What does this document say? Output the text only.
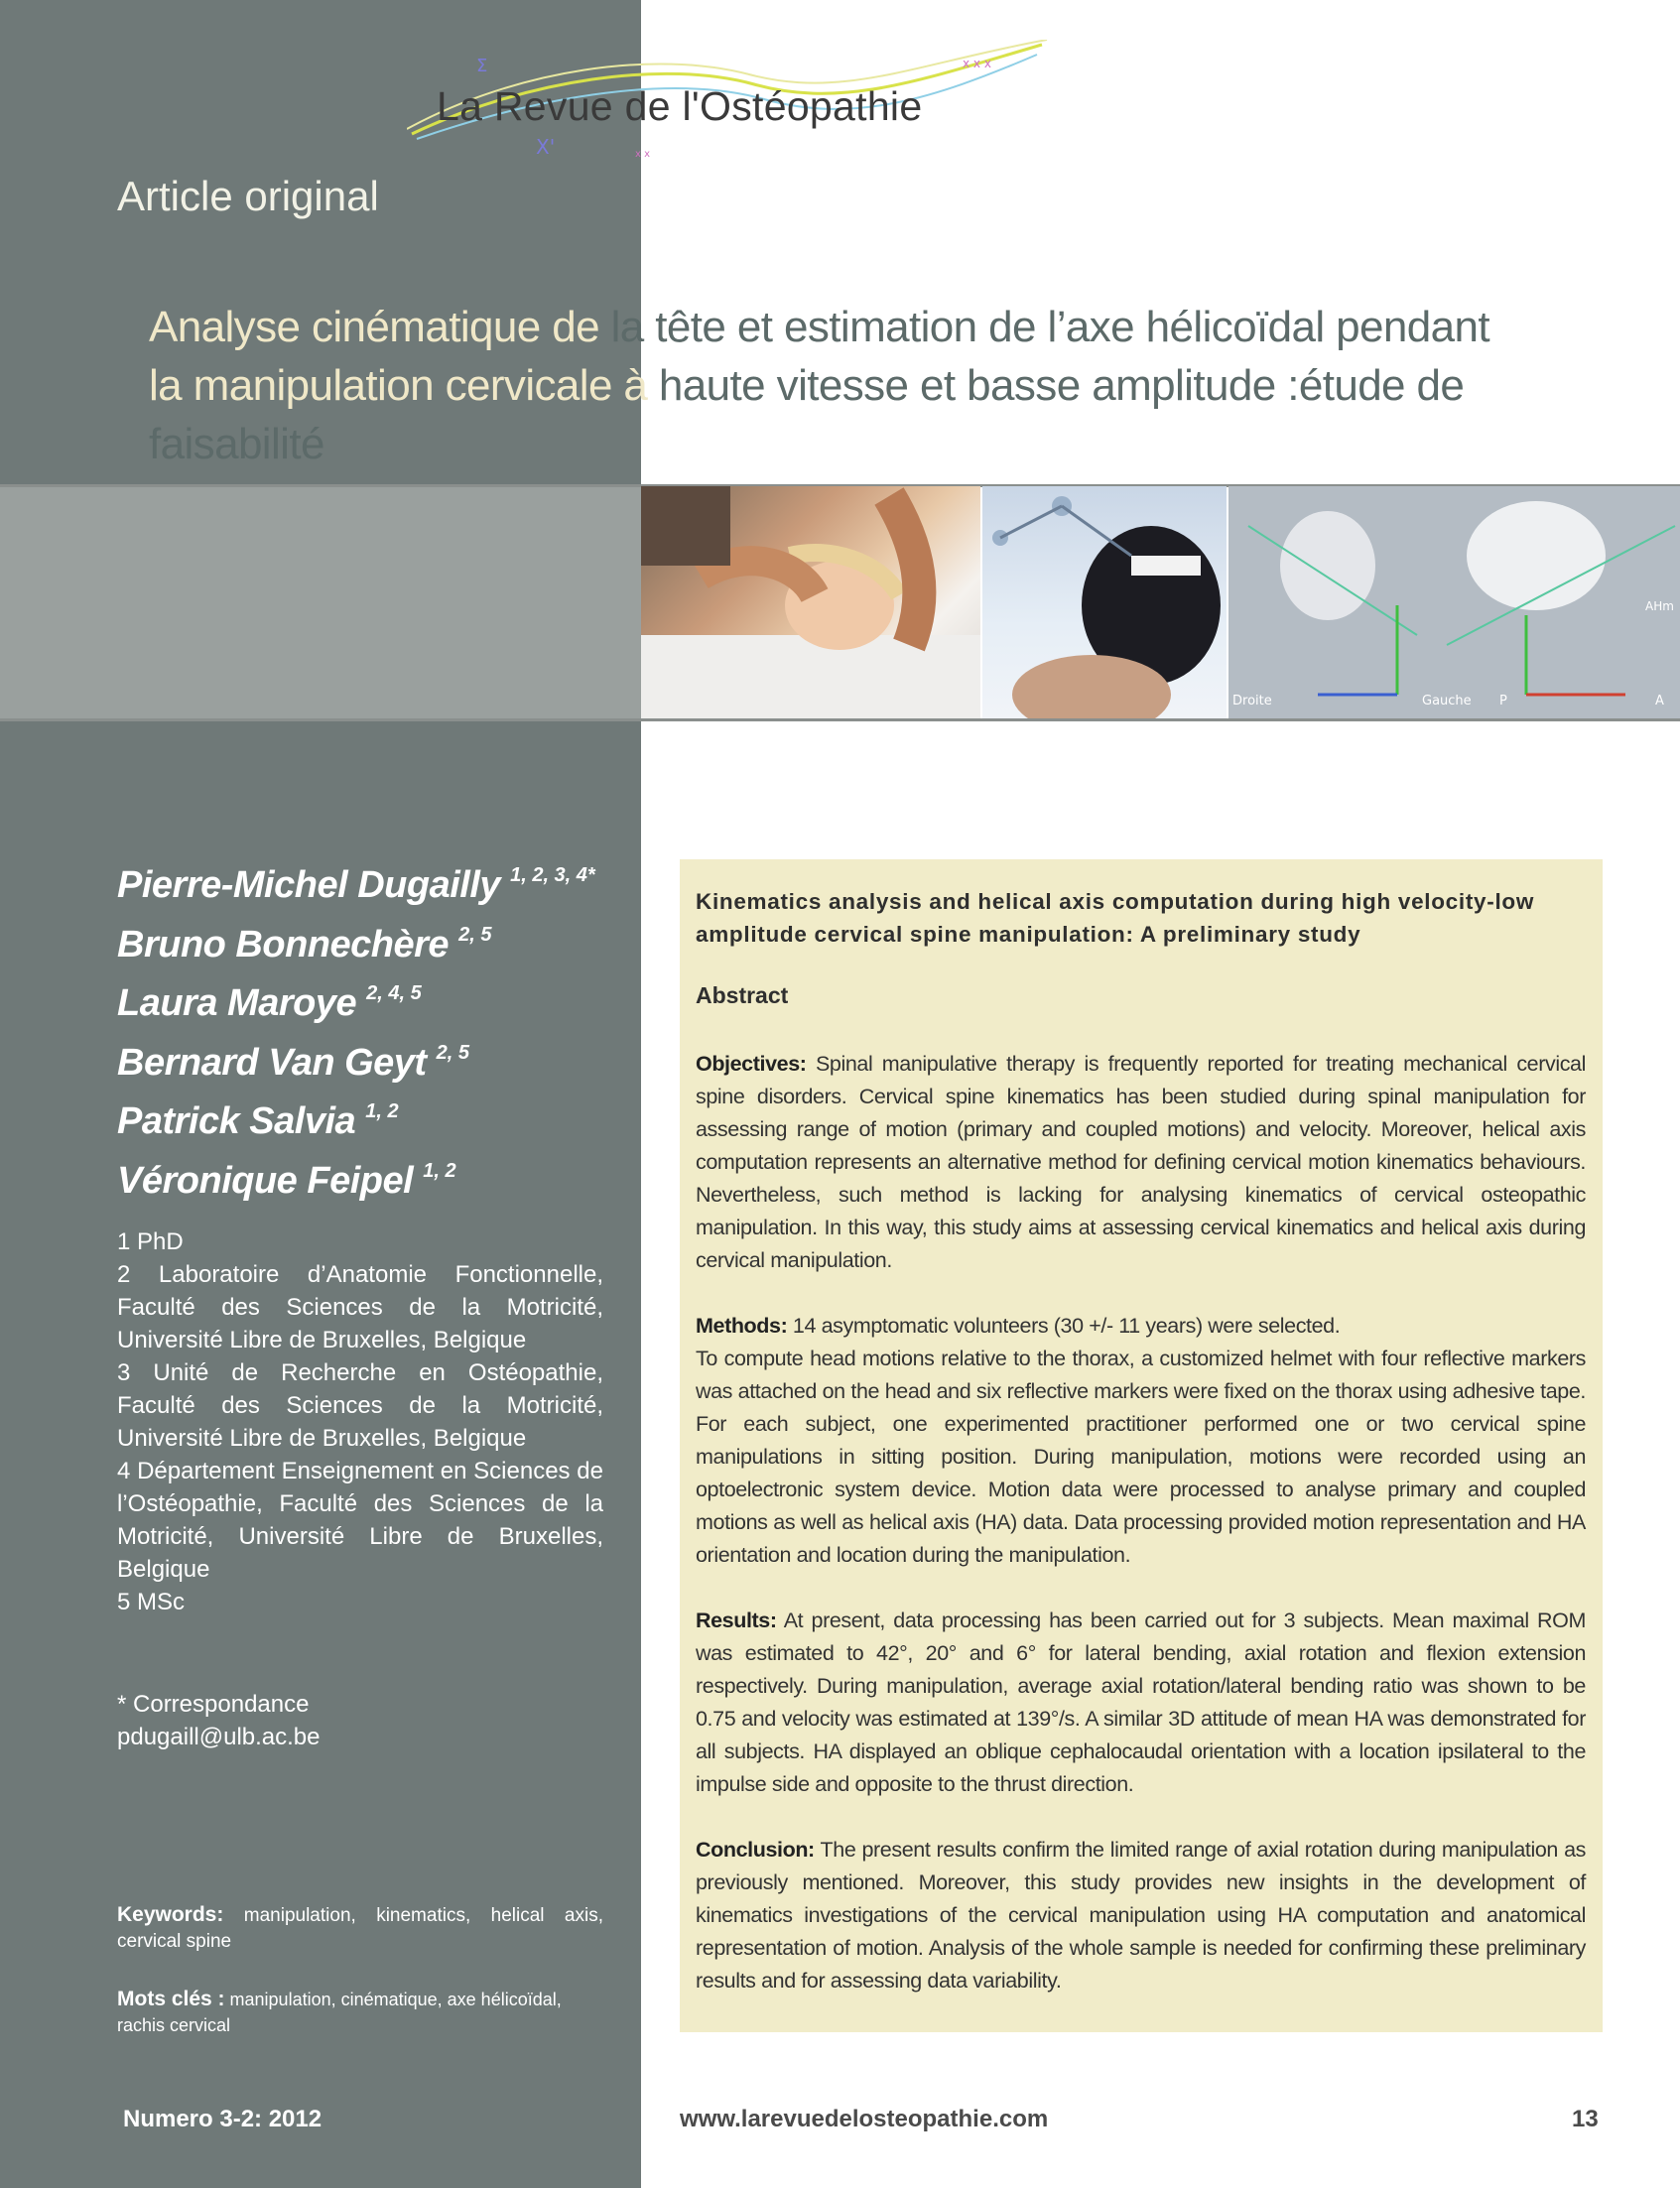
Σ
X'
x x x
x x
La Revue de l'Ostéopathie
Article original
Analyse cinématique de la tête et estimation de l’axe hélicoïdal pendant
la manipulation cervicale à haute vitesse et basse amplitude :étude de faisabilité
Droite	Gauche P	A
AHm
Pierre-Michel Dugailly $^{1, 2, 3, 4*}$
Bruno Bonnechère $^{2, 5}$
Laura Maroye $^{2, 4, 5}$
Bernard Van Geyt $^{2, 5}$
Patrick Salvia $^{1, 2}$
Véronique Feipel $^{1, 2}$
1 PhD
2 Laboratoire d’Anatomie Fonctionnelle, Faculté des Sciences de la Motricité, Université Libre de Bruxelles, Belgique
3 Unité de Recherche en Ostéopathie, Faculté des Sciences de la Motricité, Université Libre de Bruxelles, Belgique
4 Département Enseignement en Sciences de l’Ostéopathie, Faculté des Sciences de la Motricité, Université Libre de Bruxelles, Belgique
5 MSc
* Correspondance
pdugaill@ulb.ac.be
Keywords: manipulation, kinematics, helical axis, cervical spine
Mots clés : manipulation, cinématique, axe hélicoïdal, rachis cervical
Kinematics analysis and helical axis computation during high velocity-low amplitude cervical spine manipulation: A preliminary study
Abstract

Objectives: Spinal manipulative therapy is frequently reported for treating mechanical cervical spine disorders. Cervical spine kinematics has been studied during spinal manipulation for assessing range of motion (primary and coupled motions) and velocity. Moreover, helical axis computation represents an alternative method for defining cervical motion kinematics behaviours. Nevertheless, such method is lacking for analysing kinematics of cervical osteopathic manipulation. In this way, this study aims at assessing cervical kinematics and helical axis during cervical manipulation.

Methods: 14 asymptomatic volunteers (30 +/- 11 years) were selected.

To compute head motions relative to the thorax, a customized helmet with four reflective markers was attached on the head and six reflective markers were fixed on the thorax using adhesive tape. For each subject, one experimented practitioner performed one or two cervical spine manipulations in sitting position. During manipulation, motions were recorded using an optoelectronic system device. Motion data were processed to analyse primary and coupled motions as well as helical axis (HA) data. Data processing provided motion representation and HA orientation and location during the manipulation.

Results: At present, data processing has been carried out for 3 subjects. Mean maximal ROM was estimated to 42°, 20° and 6° for lateral bending, axial rotation and flexion extension respectively. During manipulation, average axial rotation/lateral bending ratio was shown to be 0.75 and velocity was estimated at 139°/s. A similar 3D attitude of mean HA was demonstrated for all subjects. HA displayed an oblique cephalocaudal orientation with a location ipsilateral to the impulse side and opposite to the thrust direction.

Conclusion: The present results confirm the limited range of axial rotation during manipulation as previously mentioned. Moreover, this study provides new insights in the development of kinematics investigations of the cervical manipulation using HA computation and anatomical representation of motion. Analysis of the whole sample is needed for confirming these preliminary results and for assessing data variability.

Numero 3-2: 2012	www.larevuedelosteopathie.com	13
